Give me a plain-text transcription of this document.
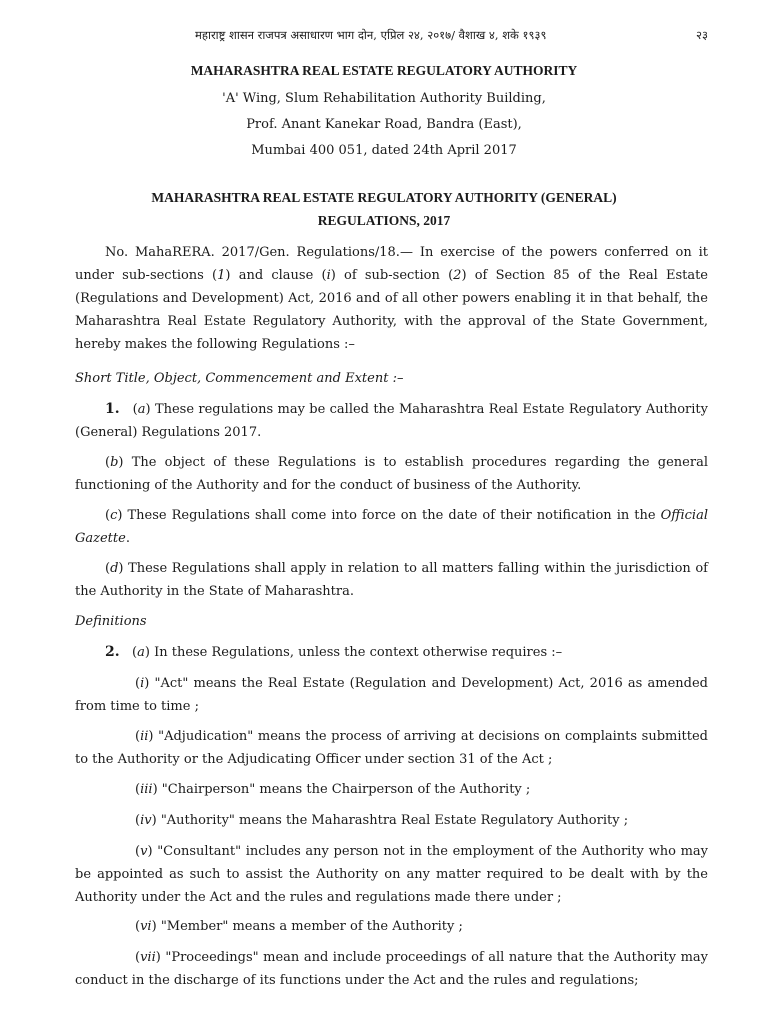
महाराष्ट्र शासन राजपत्र असाधारण भाग दोन, एप्रिल २४, २०१७/ वैशाख ४, शके १९३९	२३
MAHARASHTRA REAL ESTATE REGULATORY AUTHORITY
'A' Wing, Slum Rehabilitation Authority Building,
Prof. Anant Kanekar Road, Bandra (East),
Mumbai 400 051, dated 24th April 2017
MAHARASHTRA REAL ESTATE REGULATORY AUTHORITY (GENERAL)
REGULATIONS, 2017

No. MahaRERA. 2017/Gen. Regulations/18.— In exercise of the powers conferred on it under sub-sections (1) and clause (i) of sub-section (2) of Section 85 of the Real Estate (Regulations and Development) Act, 2016 and of all other powers enabling it in that behalf, the Maharashtra Real Estate Regulatory Authority, with the approval of the State Government, hereby makes the following Regulations :–

Short Title, Object, Commencement and Extent :–

1.   (a) These regulations may be called the Maharashtra Real Estate Regulatory Authority (General) Regulations 2017.

(b) The object of these Regulations is to establish procedures regarding the general functioning of the Authority and for the conduct of business of the Authority.

(c) These Regulations shall come into force on the date of their notification in the Official Gazette.

(d) These Regulations shall apply in relation to all matters falling within the jurisdiction of the Authority in the State of Maharashtra.

Definitions

2.   (a) In these Regulations, unless the context otherwise requires :–

(i) "Act" means the Real Estate (Regulation and Development) Act, 2016 as amended from time to time ;

(ii) "Adjudication" means the process of arriving at decisions on complaints submitted to the Authority or the Adjudicating Officer under section 31 of the Act ;

(iii) "Chairperson" means the Chairperson of the Authority ;

(iv) "Authority" means the Maharashtra Real Estate Regulatory Authority ;

(v) "Consultant" includes any person not in the employment of the Authority who may be appointed as such to assist the Authority on any matter required to be dealt with by the Authority under the Act and the rules and regulations made there under ;

(vi) "Member" means a member of the Authority ;

(vii) "Proceedings" mean and include proceedings of all nature that the Authority may conduct in the discharge of its functions under the Act and the rules and regulations;
